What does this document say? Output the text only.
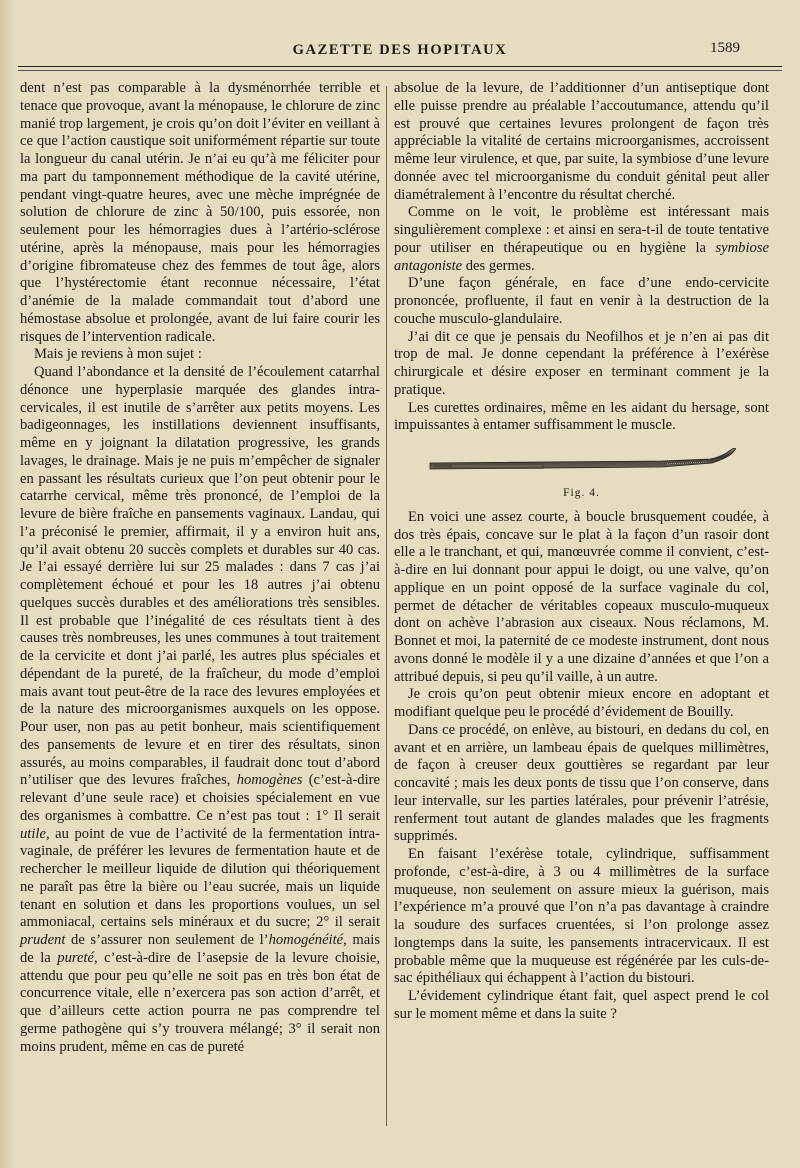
GAZETTE DES HOPITAUX	1589

dent n’est pas comparable à la dysménorrhée terrible et tenace que provoque, avant la ménopause, le chlorure de zinc manié trop largement, je crois qu’on doit l’éviter en veillant à ce que l’action caustique soit uniformément répartie sur toute la longueur du canal utérin. Je n’ai eu qu’à me féliciter pour ma part du tamponnement méthodique de la cavité utérine, pendant vingt-quatre heures, avec une mèche imprégnée de solution de chlorure de zinc à 50/100, puis essorée, non seulement pour les hémorragies dues à l’artério-sclérose utérine, après la ménopause, mais pour les hémorragies d’origine fibromateuse chez des femmes de tout âge, alors que l’hystérectomie étant reconnue nécessaire, l’état d’anémie de la malade commandait tout d’abord une hémostase absolue et prolongée, avant de lui faire courir les risques de l’intervention radicale.

Mais je reviens à mon sujet :

Quand l’abondance et la densité de l’écoulement catarrhal dénonce une hyperplasie marquée des glandes intra-cervicales, il est inutile de s’arrêter aux petits moyens. Les badigeonnages, les instillations deviennent insuffisants, même en y joignant la dilatation progressive, les grands lavages, le drainage. Mais je ne puis m’empêcher de signaler en passant les résultats curieux que l’on peut obtenir pour le catarrhe cervical, même très prononcé, de l’emploi de la levure de bière fraîche en pansements vaginaux. Landau, qui l’a préconisé le premier, affirmait, il y a environ huit ans, qu’il avait obtenu 20 succès complets et durables sur 40 cas. Je l’ai essayé derrière lui sur 25 malades : dans 7 cas j’ai complètement échoué et pour les 18 autres j’ai obtenu quelques succès durables et des améliorations très sensibles. Il est probable que l’inégalité de ces résultats tient à des causes très nombreuses, les unes communes à tout traitement de la cervicite et dont j’ai parlé, les autres plus spéciales et dépendant de la pureté, de la fraîcheur, du mode d’emploi mais avant tout peut-être de la race des levures employées et de la nature des microorganismes auxquels on les oppose. Pour user, non pas au petit bonheur, mais scientifiquement des pansements de levure et en tirer des résultats, sinon assurés, au moins comparables, il faudrait donc tout d’abord n’utiliser que des levures fraîches, homogènes (c’est-à-dire relevant d’une seule race) et choisies spécialement en vue des organismes à combattre. Ce n’est pas tout : 1° Il serait utile, au point de vue de l’activité de la fermentation intra-vaginale, de préférer les levures de fermentation haute et de rechercher le meilleur liquide de dilution qui théoriquement ne paraît pas être la bière ou l’eau sucrée, mais un liquide tenant en solution et dans les proportions voulues, un sel ammoniacal, certains sels minéraux et du sucre; 2° il serait prudent de s’assurer non seulement de l’homogénéité, mais de la pureté, c’est-à-dire de l’asepsie de la levure choisie, attendu que pour peu qu’elle ne soit pas en très bon état de concurrence vitale, elle n’exercera pas son action d’arrêt, et que d’ailleurs cette action pourra ne pas comprendre tel germe pathogène qui s’y trouvera mélangé; 3° il serait non moins prudent, même en cas de pureté

absolue de la levure, de l’additionner d’un antiseptique dont elle puisse prendre au préalable l’accoutumance, attendu qu’il est prouvé que certaines levures prolongent de façon très appréciable la vitalité de certains microorganismes, accroissent même leur virulence, et que, par suite, la symbiose d’une levure donnée avec tel microorganisme du conduit génital peut aller diamétralement à l’encontre du résultat cherché.

Comme on le voit, le problème est intéressant mais singulièrement complexe : et ainsi en sera-t-il de toute tentative pour utiliser en thérapeutique ou en hygiène la symbiose antagoniste des germes.

D’une façon générale, en face d’une endo-cervicite prononcée, profluente, il faut en venir à la destruction de la couche musculo-glandulaire.

J’ai dit ce que je pensais du Neofilhos et je n’en ai pas dit trop de mal. Je donne cependant la préférence à l’exérèse chirurgicale et désire exposer en terminant comment je la pratique.

Les curettes ordinaires, même en les aidant du hersage, sont impuissantes à entamer suffisamment le muscle.

Fig. 4.

En voici une assez courte, à boucle brusquement coudée, à dos très épais, concave sur le plat à la façon d’un rasoir dont elle a le tranchant, et qui, manœuvrée comme il convient, c’est-à-dire en lui donnant pour appui le doigt, ou une valve, qu’on applique en un point opposé de la surface vaginale du col, permet de détacher de véritables copeaux musculo-muqueux dont on achève l’abrasion aux ciseaux. Nous réclamons, M. Bonnet et moi, la paternité de ce modeste instrument, dont nous avons donné le modèle il y a une dizaine d’années et que l’on a attribué depuis, si peu qu’il vaille, à un autre.

Je crois qu’on peut obtenir mieux encore en adoptant et modifiant quelque peu le procédé d’évidement de Bouilly.

Dans ce procédé, on enlève, au bistouri, en dedans du col, en avant et en arrière, un lambeau épais de quelques millimètres, de façon à creuser deux gouttières se regardant par leur concavité ; mais les deux ponts de tissu que l’on conserve, dans leur intervalle, sur les parties latérales, pour prévenir l’atrésie, renferment tout autant de glandes malades que les fragments supprimés.

En faisant l’exérèse totale, cylindrique, suffisamment profonde, c’est-à-dire, à 3 ou 4 millimètres de la surface muqueuse, non seulement on assure mieux la guérison, mais l’expérience m’a prouvé que l’on n’a pas davantage à craindre la soudure des surfaces cruentées, si l’on prolonge assez longtemps dans la suite, les pansements intracervicaux. Il est probable même que la muqueuse est régénérée par les culs-de-sac épithéliaux qui échappent à l’action du bistouri.

L’évidement cylindrique étant fait, quel aspect prend le col sur le moment même et dans la suite ?
